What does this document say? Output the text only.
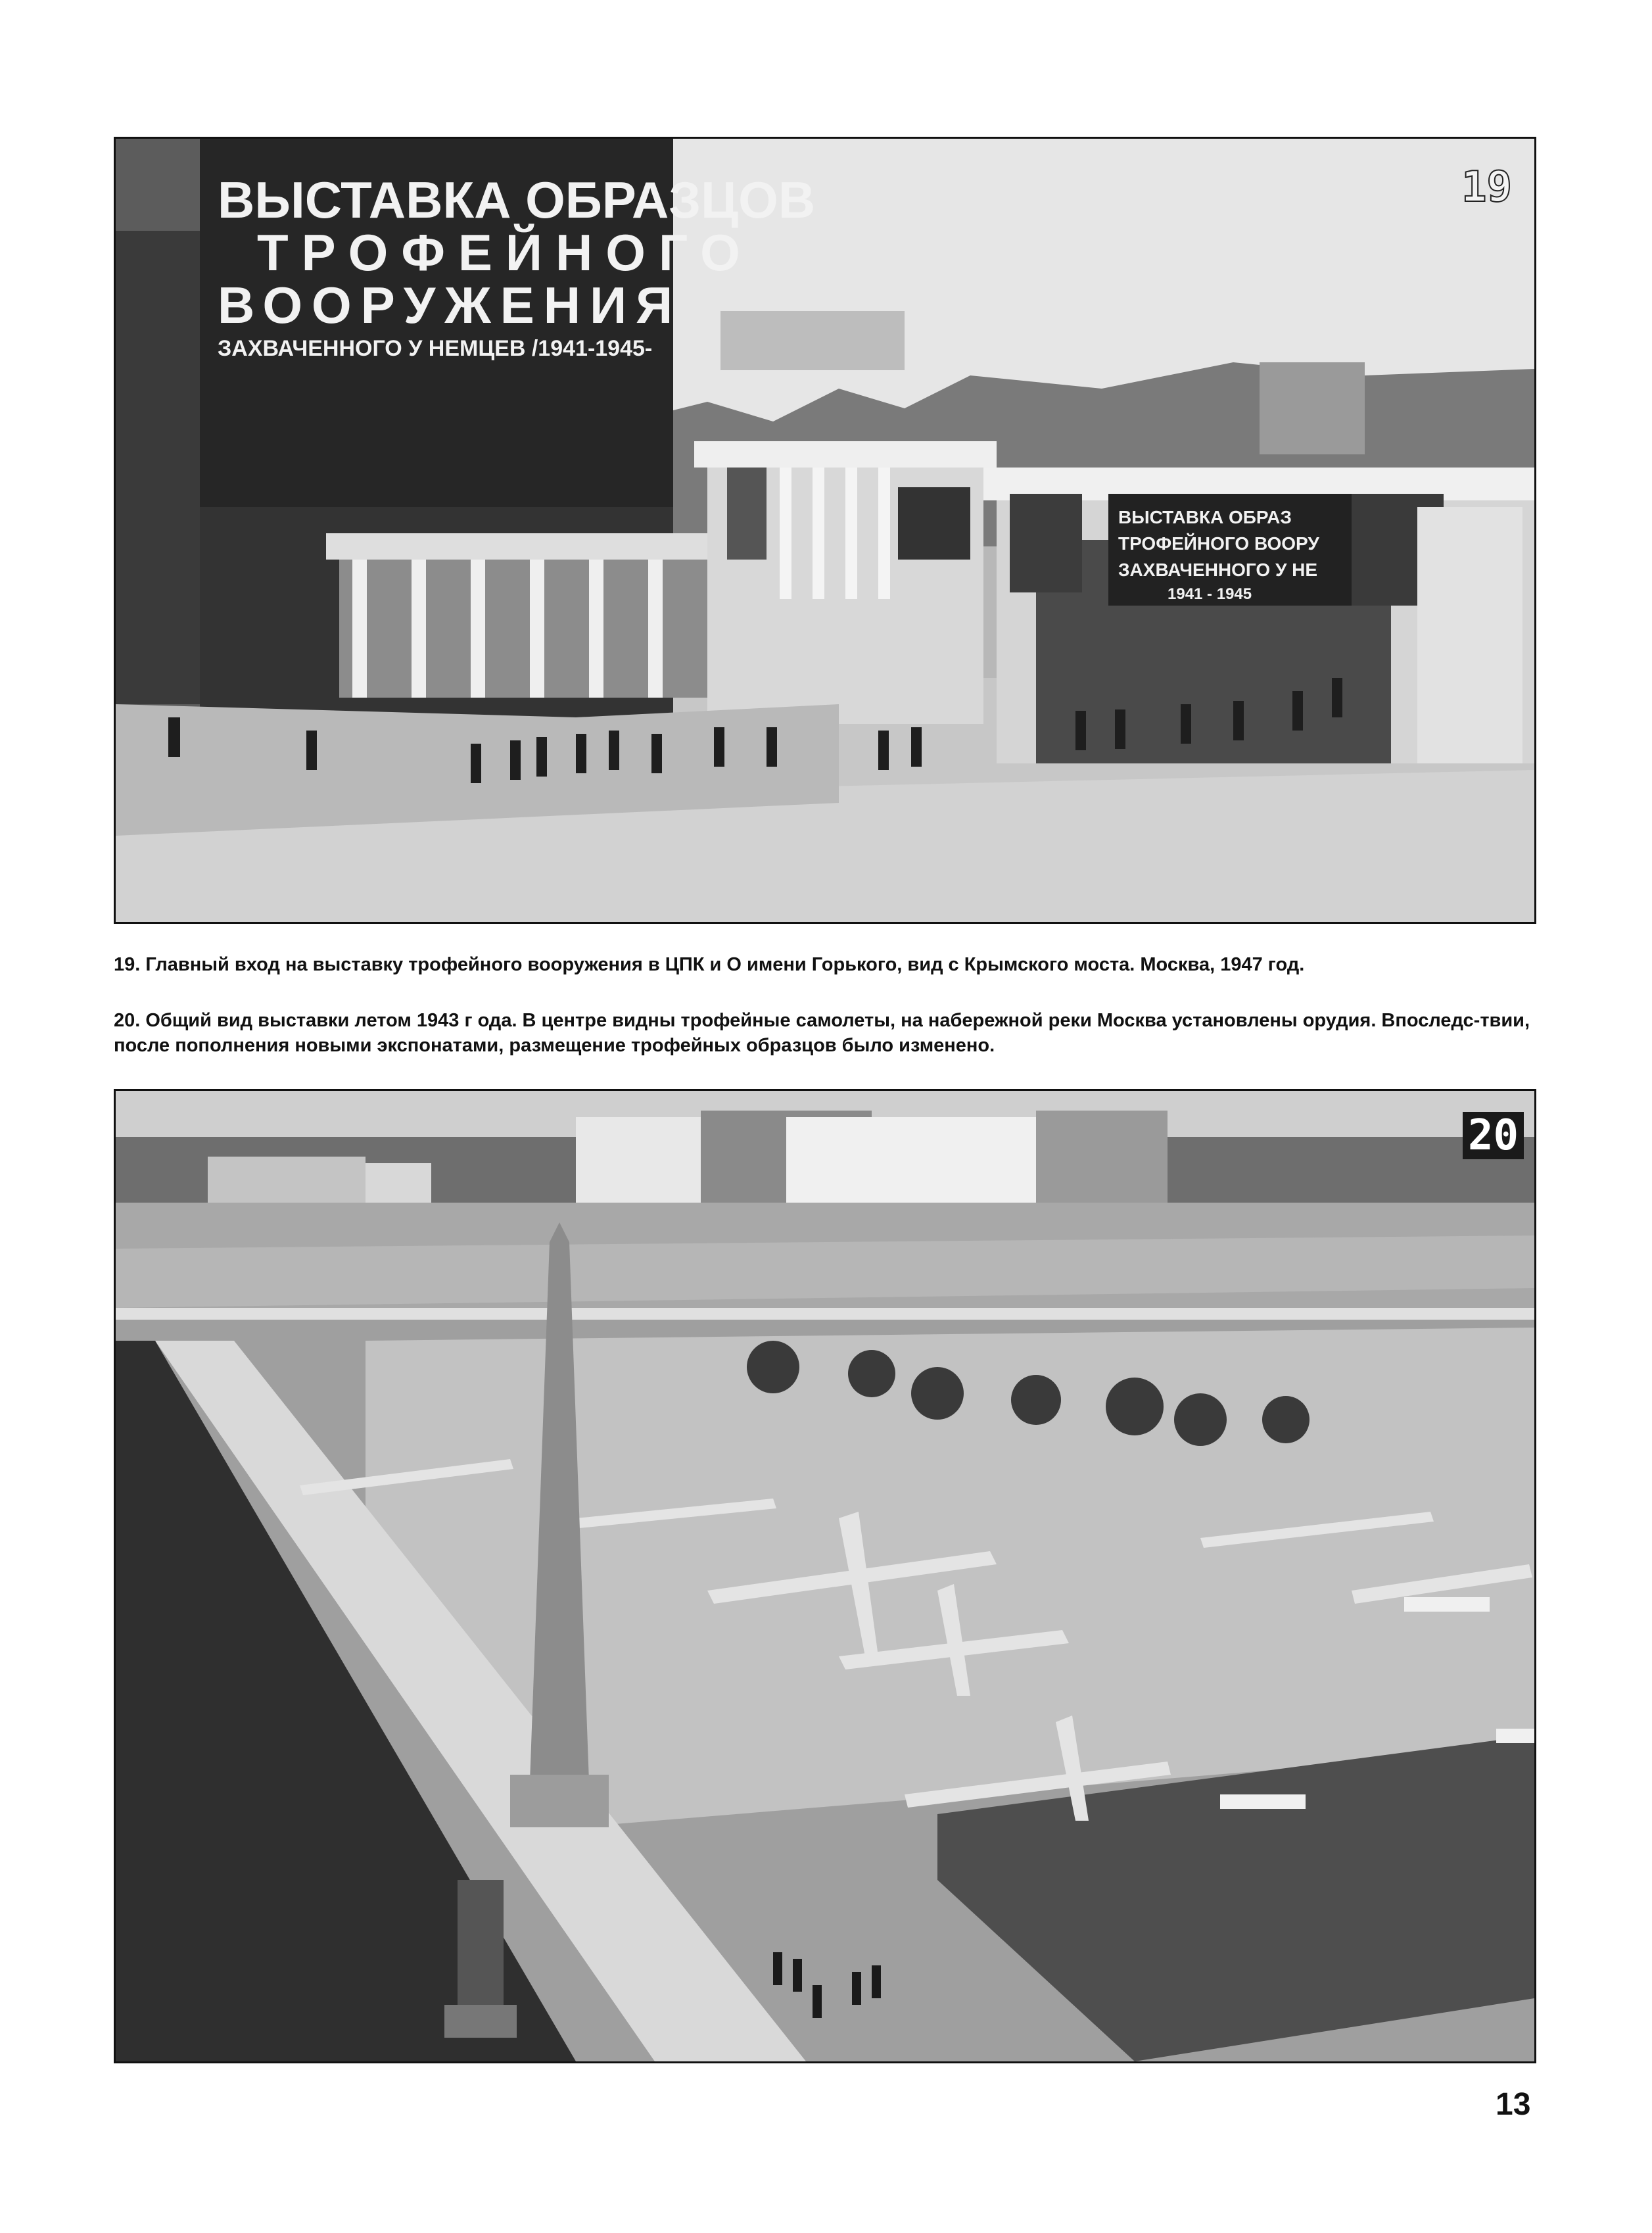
ВЫСТАВКА ОБРАЗЦОВ
ТРОФЕЙНОГО
ВООРУЖЕНИЯ
ЗАХВАЧЕННОГО У НЕМЦЕВ /1941-1945-
ВЫСТАВКА ОБРАЗ
ТРОФЕЙНОГО ВООРУ
ЗАХВАЧЕННОГО У НЕ
1941 - 1945
19
19. Главный вход на выставку трофейного вооружения в ЦПК и О имени Горького, вид с Крымского моста. Москва, 1947 год.
20. Общий вид выставки летом 1943 г ода. В центре видны трофейные самолеты, на набережной реки Москва установлены орудия. Впоследс-твии, после пополнения новыми экспонатами, размещение трофейных образцов было изменено.
20
13
